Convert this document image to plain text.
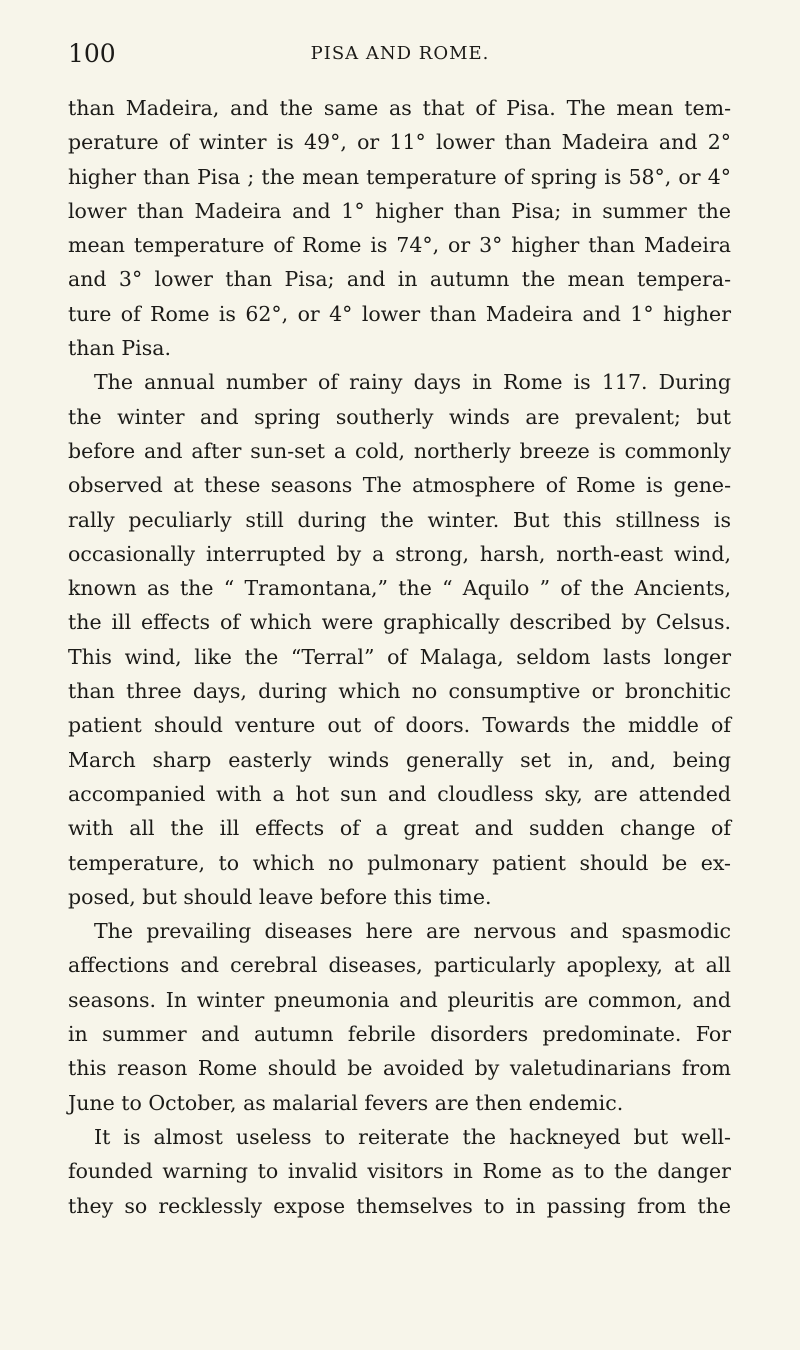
100	PISA AND ROME.
than Madeira, and the same as that of Pisa. The mean tem-
perature of winter is 49°, or 11° lower than Madeira and 2°
higher than Pisa ; the mean temperature of spring is 58°, or 4°
lower than Madeira and 1° higher than Pisa; in summer the
mean temperature of Rome is 74°, or 3° higher than Madeira
and 3° lower than Pisa; and in autumn the mean tempera-
ture of Rome is 62°, or 4° lower than Madeira and 1° higher
than Pisa.
The annual number of rainy days in Rome is 117. During
the winter and spring southerly winds are prevalent; but
before and after sun-set a cold, northerly breeze is commonly
observed at these seasons The atmosphere of Rome is gene-
rally peculiarly still during the winter. But this stillness is
occasionally interrupted by a strong, harsh, north-east wind,
known as the “ Tramontana,” the “ Aquilo ” of the Ancients,
the ill effects of which were graphically described by Celsus.
This wind, like the “Terral” of Malaga, seldom lasts longer
than three days, during which no consumptive or bronchitic
patient should venture out of doors. Towards the middle of
March sharp easterly winds generally set in, and, being
accompanied with a hot sun and cloudless sky, are attended
with all the ill effects of a great and sudden change of
temperature, to which no pulmonary patient should be ex-
posed, but should leave before this time.
The prevailing diseases here are nervous and spasmodic
affections and cerebral diseases, particularly apoplexy, at all
seasons. In winter pneumonia and pleuritis are common, and
in summer and autumn febrile disorders predominate. For
this reason Rome should be avoided by valetudinarians from
June to October, as malarial fevers are then endemic.
It is almost useless to reiterate the hackneyed but well-
founded warning to invalid visitors in Rome as to the danger
they so recklessly expose themselves to in passing from the
